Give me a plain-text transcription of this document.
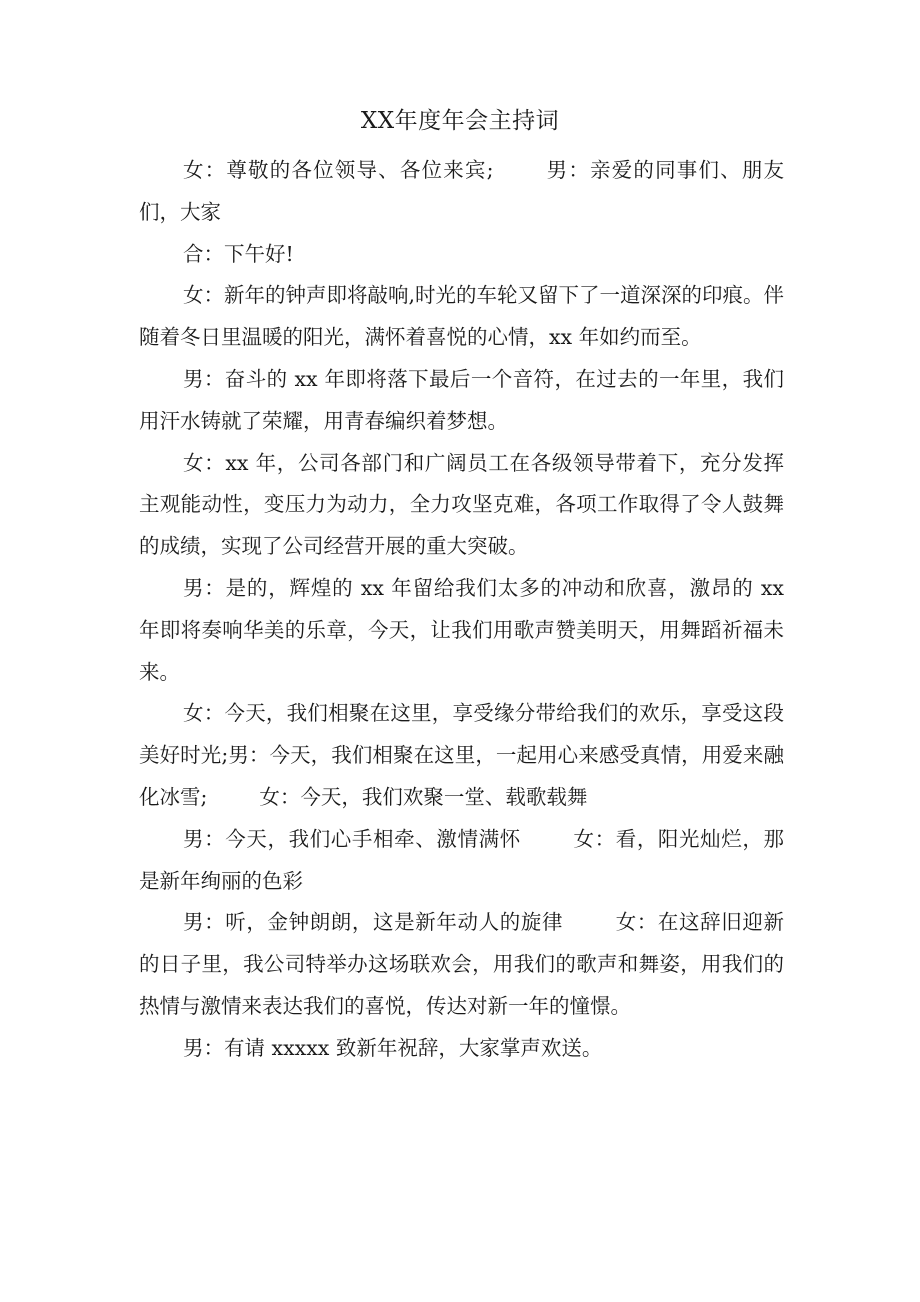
XX年度年会主持词

女：尊敬的各位领导、各位来宾;	男：亲爱的同事们、朋友们，大家

合：下午好!

女：新年的钟声即将敲响,时光的车轮又留下了一道深深的印痕。伴随着冬日里温暖的阳光，满怀着喜悦的心情，xx 年如约而至。

男：奋斗的 xx 年即将落下最后一个音符，在过去的一年里，我们用汗水铸就了荣耀，用青春编织着梦想。

女：xx 年，公司各部门和广阔员工在各级领导带着下，充分发挥主观能动性，变压力为动力，全力攻坚克难，各项工作取得了令人鼓舞的成绩，实现了公司经营开展的重大突破。

男：是的，辉煌的 xx 年留给我们太多的冲动和欣喜，激昂的 xx 年即将奏响华美的乐章，今天，让我们用歌声赞美明天，用舞蹈祈福未来。

女：今天，我们相聚在这里，享受缘分带给我们的欢乐，享受这段美好时光;男：今天，我们相聚在这里，一起用心来感受真情，用爱来融化冰雪;	女：今天，我们欢聚一堂、载歌载舞

男：今天，我们心手相牵、激情满怀	女：看，阳光灿烂，那是新年绚丽的色彩

男：听，金钟朗朗，这是新年动人的旋律	女：在这辞旧迎新的日子里，我公司特举办这场联欢会，用我们的歌声和舞姿，用我们的热情与激情来表达我们的喜悦，传达对新一年的憧憬。

男：有请 xxxxx 致新年祝辞，大家掌声欢送。
